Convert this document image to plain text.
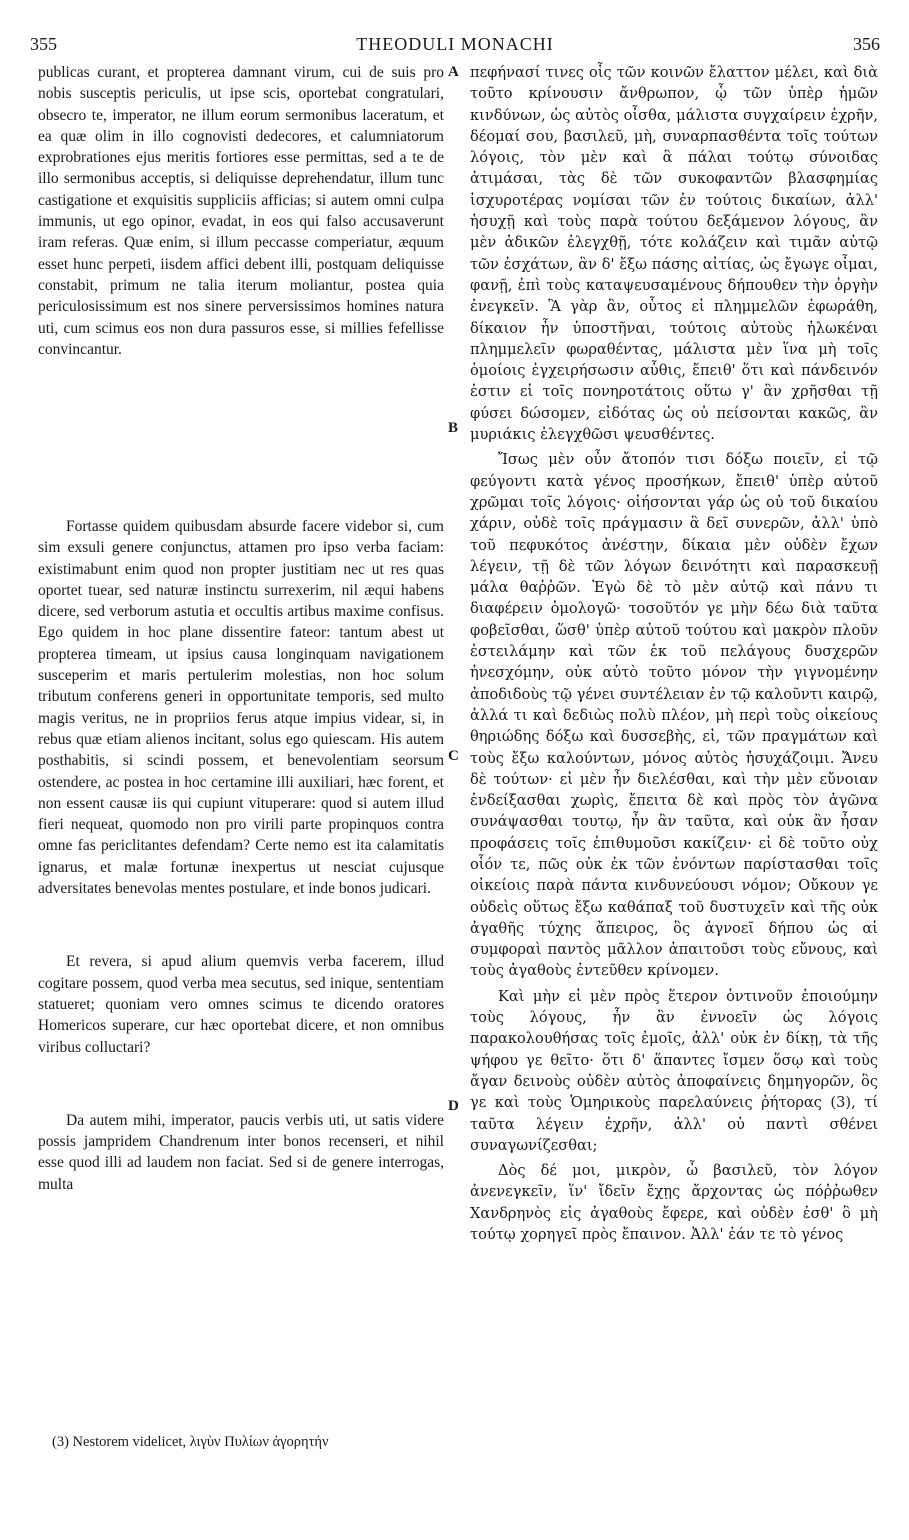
355	THEODULI MONACHI	356

publicas curant, et propterea damnant virum, cui de suis pro nobis susceptis periculis, ut ipse scis, oportebat congratulari, obsecro te, imperator, ne illum eorum sermonibus laceratum, et ea quæ olim in illo cognovisti dedecores, et calumniatorum exprobrationes ejus meritis fortiores esse permittas, sed a te de illo sermonibus acceptis, si deliquisse deprehendatur, illum tunc castigatione et exquisitis suppliciis afficias; si autem omni culpa immunis, ut ego opinor, evadat, in eos qui falso accusaverunt iram referas. Quæ enim, si illum peccasse comperiatur, æquum esset hunc perpeti, iisdem affici debent illi, postquam deliquisse constabit, primum ne talia iterum moliantur, postea quia periculosissimum est nos sinere perversissimos homines natura uti, cum scimus eos non dura passuros esse, si millies fefellisse convincantur.

Fortasse quidem quibusdam absurde facere videbor si, cum sim exsuli genere conjunctus, attamen pro ipso verba faciam: existimabunt enim quod non propter justitiam nec ut res quas oportet tuear, sed naturæ instinctu surrexerim, nil æqui habens dicere, sed verborum astutia et occultis artibus maxime confisus. Ego quidem in hoc plane dissentire fateor: tantum abest ut propterea timeam, ut ipsius causa longinquam navigationem susceperim et maris pertulerim molestias, non hoc solum tributum conferens generi in opportunitate temporis, sed multo magis veritus, ne in propriios ferus atque impius videar, si, in rebus quæ etiam alienos incitant, solus ego quiescam. His autem posthabitis, si scindi possem, et benevolentiam seorsum ostendere, ac postea in hoc certamine illi auxiliari, hæc forent, et non essent causæ iis qui cupiunt vituperare: quod si autem illud fieri nequeat, quomodo non pro virili parte propinquos contra omne fas periclitantes defendam? Certe nemo est ita calamitatis ignarus, et malæ fortunæ inexpertus ut nesciat cujusque adversitates benevolas mentes postulare, et inde bonos judicari.

Et revera, si apud alium quemvis verba facerem, illud cogitare possem, quod verba mea secutus, sed inique, sententiam statueret; quoniam vero omnes scimus te dicendo oratores Homericos superare, cur hæc oportebat dicere, et non omnibus viribus colluctari?

Da autem mihi, imperator, paucis verbis uti, ut satis videre possis jampridem Chandrenum inter bonos recenseri, et nihil esse quod illi ad laudem non faciat. Sed si de genere interrogas, multa

A
B
C
D

πεφήνασί τινες οἷς τῶν κοινῶν ἔλαττον μέλει, καὶ διὰ τοῦτο κρίνουσιν ἄνθρωπον, ᾧ τῶν ὑπὲρ ἡμῶν κινδύνων, ὡς αὐτὸς οἶσθα, μάλιστα συγχαίρειν ἐχρῆν, δέομαί σου, βασιλεῦ, μὴ, συναρπασθέντα τοῖς τούτων λόγοις, τὸν μὲν καὶ ἃ πάλαι τούτῳ σύνοιδας ἀτιμάσαι, τὰς δὲ τῶν συκοφαντῶν βλασφημίας ἰσχυροτέρας νομίσαι τῶν ἐν τούτοις δικαίων, ἀλλ' ἡσυχῇ καὶ τοὺς παρὰ τούτου δεξάμενον λόγους, ἂν μὲν ἀδικῶν ἐλεγχθῇ, τότε κολάζειν καὶ τιμᾶν αὐτῷ τῶν ἐσχάτων, ἂν δ' ἔξω πάσης αἰτίας, ὡς ἔγωγε οἶμαι, φανῇ, ἐπὶ τοὺς καταψευσαμένους δήπουθεν τὴν ὀργὴν ἐνεγκεῖν. Ἃ γὰρ ἂν, οὗτος εἰ πλημμελῶν ἐφωράθη, δίκαιον ἦν ὑποστῆναι, τούτοις αὐτοὺς ἡλωκέναι πλημμελεῖν φωραθέντας, μάλιστα μὲν ἵνα μὴ τοῖς ὁμοίοις ἐγχειρήσωσιν αὖθις, ἔπειθ' ὅτι καὶ πάνδεινόν ἐστιν εἰ τοῖς πονηροτάτοις οὕτω γ' ἂν χρῆσθαι τῇ φύσει δώσομεν, εἰδότας ὡς οὐ πείσονται κακῶς, ἂν μυριάκις ἐλεγχθῶσι ψευσθέντες.

Ἴσως μὲν οὖν ἄτοπόν τισι δόξω ποιεῖν, εἰ τῷ φεύγοντι κατὰ γένος προσήκων, ἔπειθ' ὑπὲρ αὐτοῦ χρῶμαι τοῖς λόγοις· οἰήσονται γάρ ὡς οὐ τοῦ δικαίου χάριν, οὐδὲ τοῖς πράγμασιν ἃ δεῖ συνερῶν, ἀλλ' ὑπὸ τοῦ πεφυκότος ἀνέστην, δίκαια μὲν οὐδὲν ἔχων λέγειν, τῇ δὲ τῶν λόγων δεινότητι καὶ παρασκευῇ μάλα θαῤῥῶν. Ἐγὼ δὲ τὸ μὲν αὐτῷ καὶ πάνυ τι διαφέρειν ὁμολογῶ· τοσοῦτόν γε μὴν δέω διὰ ταῦτα φοβεῖσθαι, ὥσθ' ὑπὲρ αὐτοῦ τούτου καὶ μακρὸν πλοῦν ἐστειλάμην καὶ τῶν ἐκ τοῦ πελάγους δυσχερῶν ἠνεσχόμην, οὐκ αὐτὸ τοῦτο μόνον τὴν γιγνομένην ἀποδιδοὺς τῷ γένει συντέλειαν ἐν τῷ καλοῦντι καιρῷ, ἀλλά τι καὶ δεδιὼς πολὺ πλέον, μὴ περὶ τοὺς οἰκείους θηριώδης δόξω καὶ δυσσεβὴς, εἰ, τῶν πραγμάτων καὶ τοὺς ἔξω καλούντων, μόνος αὐτὸς ἡσυχάζοιμι. Ἄνευ δὲ τούτων· εἰ μὲν ἦν διελέσθαι, καὶ τὴν μὲν εὔνοιαν ἐνδείξασθαι χωρὶς, ἔπειτα δὲ καὶ πρὸς τὸν ἀγῶνα συνάψασθαι τουτῳ, ἦν ἂν ταῦτα, καὶ οὐκ ἂν ἦσαν προφάσεις τοῖς ἐπιθυμοῦσι κακίζειν· εἰ δὲ τοῦτο οὐχ οἷόν τε, πῶς οὐκ ἐκ τῶν ἐνόντων παρίστασθαι τοῖς οἰκείοις παρὰ πάντα κινδυνεύουσι νόμον; Οὔκουν γε οὐδεὶς οὕτως ἔξω καθάπαξ τοῦ δυστυχεῖν καὶ τῆς οὐκ ἀγαθῆς τύχης ἄπειρος, ὃς ἀγνοεῖ δήπου ὡς αἱ συμφοραὶ παντὸς μᾶλλον ἀπαιτοῦσι τοὺς εὔνους, καὶ τοὺς ἀγαθοὺς ἐντεῦθεν κρίνομεν.

Καὶ μὴν εἰ μὲν πρὸς ἕτερον ὁντινοῦν ἐποιούμην τοὺς λόγους, ἦν ἂν ἐννοεῖν ὡς λόγοις παρακολουθήσας τοῖς ἐμοῖς, ἀλλ' οὐκ ἐν δίκῃ, τὰ τῆς ψήφου γε θεῖτο· ὅτι δ' ἅπαντες ἴσμεν ὅσῳ καὶ τοὺς ἄγαν δεινοὺς οὐδὲν αὐτὸς ἀποφαίνεις δημηγορῶν, ὃς γε καὶ τοὺς Ὁμηρικοὺς παρελαύνεις ῥήτορας (3), τί ταῦτα λέγειν ἐχρῆν, ἀλλ' οὐ παντὶ σθένει συναγωνίζεσθαι;

Δὸς δέ μοι, μικρὸν, ὦ βασιλεῦ, τὸν λόγον ἀνενεγκεῖν, ἵν' ἴδεῖν ἔχῃς ἄρχοντας ὡς πόῤῥωθεν Χανδρηνὸς εἰς ἀγαθοὺς ἔφερε, καὶ οὐδὲν ἐσθ' ὃ μὴ τούτῳ χορηγεῖ πρὸς ἔπαινον. Ἀλλ' ἐάν τε τὸ γένος

(3) Nestorem videlicet, λιγὺν Πυλίων ἀγορητήν
